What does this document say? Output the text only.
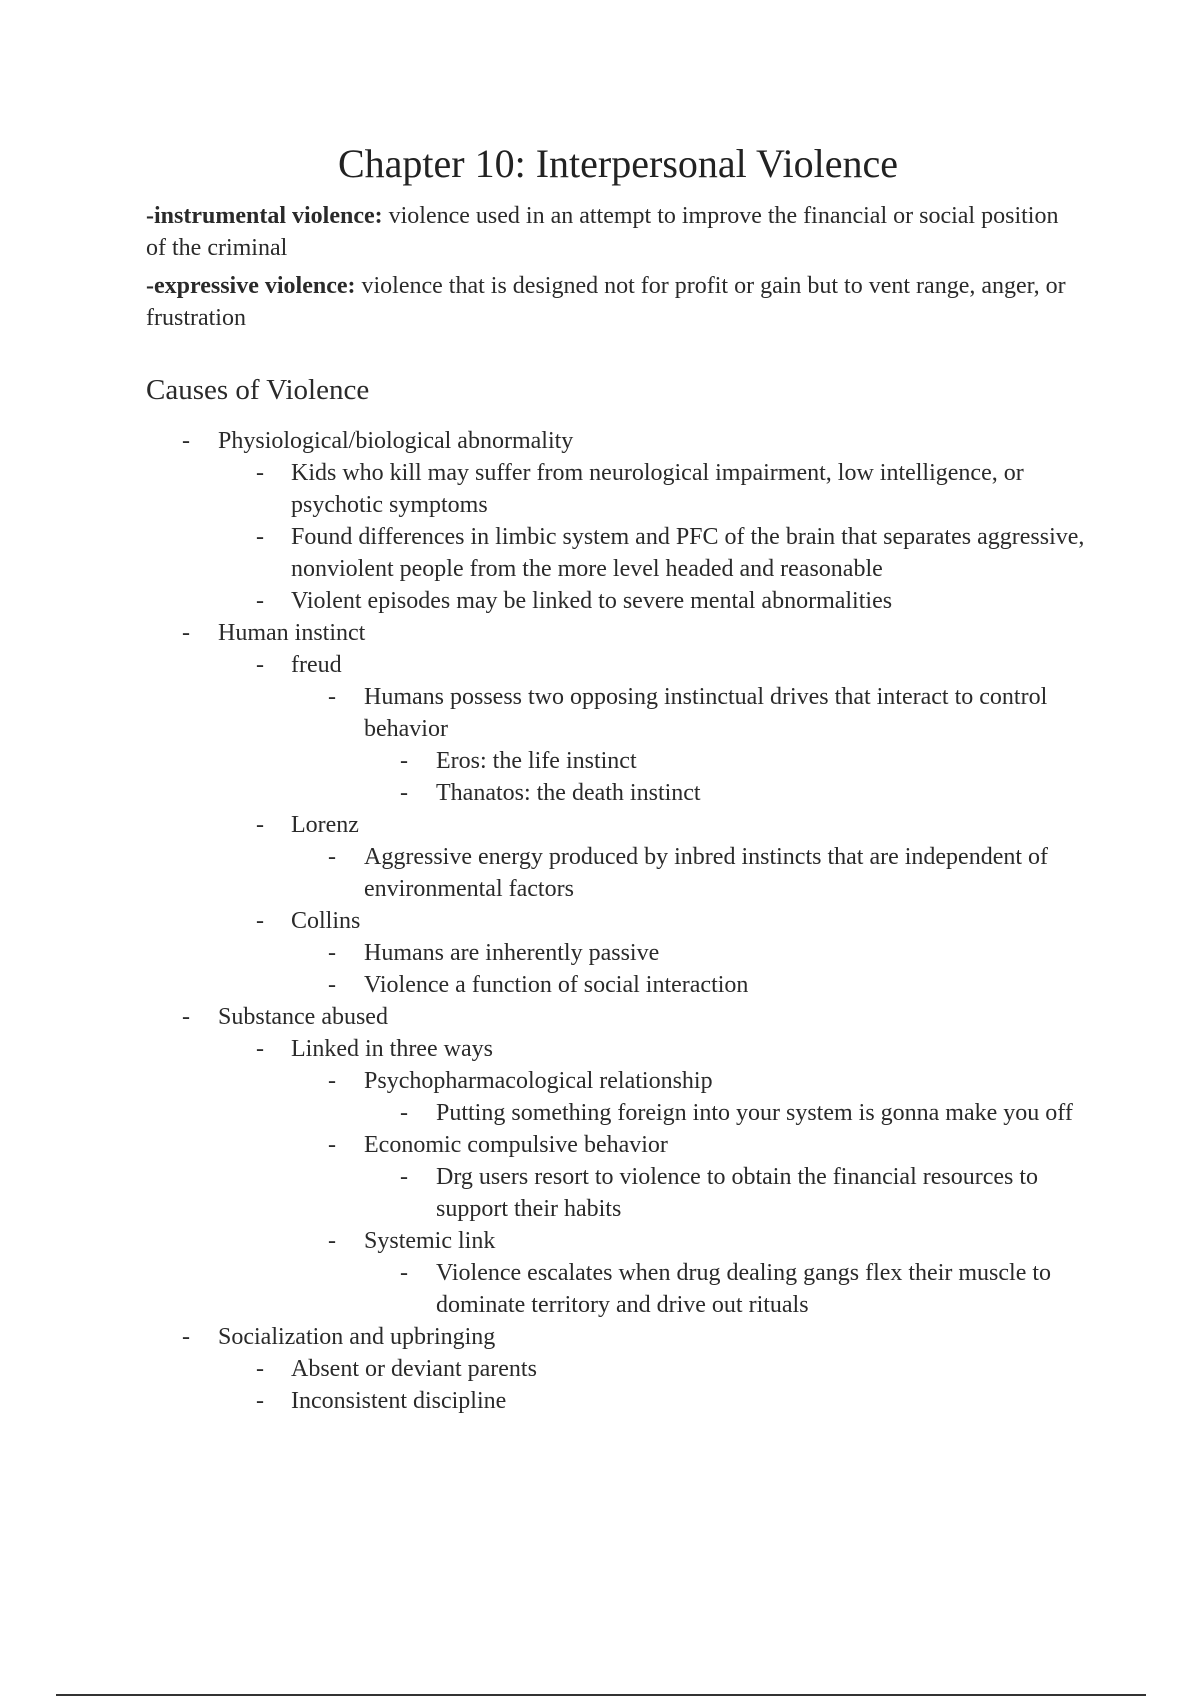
Chapter 10: Interpersonal Violence

-instrumental violence: violence used in an attempt to improve the financial or social position of the criminal

-expressive violence: violence that is designed not for profit or gain but to vent range, anger, or frustration

Causes of Violence
- Physiological/biological abnormality
- Kids who kill may suffer from neurological impairment, low intelligence, or psychotic symptoms
- Found differences in limbic system and PFC of the brain that separates aggressive, nonviolent people from the more level headed and reasonable
- Violent episodes may be linked to severe mental abnormalities
- Human instinct
- freud
- Humans possess two opposing instinctual drives that interact to control behavior
- Eros: the life instinct
- Thanatos: the death instinct
- Lorenz
- Aggressive energy produced by inbred instincts that are independent of environmental factors
- Collins
- Humans are inherently passive
- Violence a function of social interaction
- Substance abused
- Linked in three ways
- Psychopharmacological relationship
- Putting something foreign into your system is gonna make you off
- Economic compulsive behavior
- Drg users resort to violence to obtain the financial resources to support their habits
- Systemic link
- Violence escalates when drug dealing gangs flex their muscle to dominate territory and drive out rituals
- Socialization and upbringing
- Absent or deviant parents
- Inconsistent discipline
